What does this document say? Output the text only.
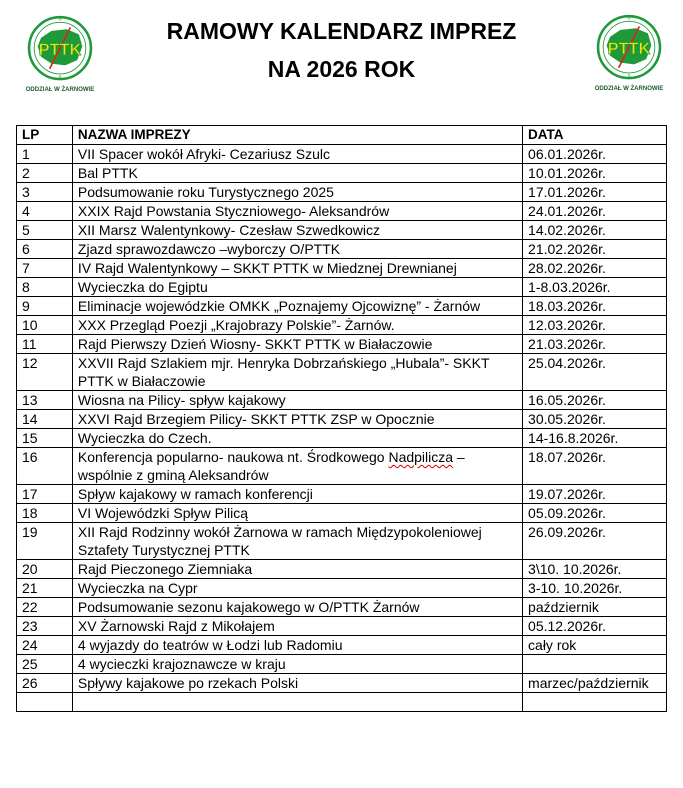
PTTK
N
S
ODDZIAŁ W ŻARNOWIE
RAMOWY KALENDARZ IMPREZ
NA 2026 ROK
PTTK
N
S
ODDZIAŁ W ŻARNOWIE
LP	NAZWA IMPREZY	DATA
1	VII Spacer wokół Afryki- Cezariusz Szulc	06.01.2026r.
2	Bal PTTK	10.01.2026r.
3	Podsumowanie roku Turystycznego 2025	17.01.2026r.
4	XXIX Rajd Powstania Styczniowego- Aleksandrów	24.01.2026r.
5	XII Marsz Walentynkowy- Czesław Szwedkowicz	14.02.2026r.
6	Zjazd sprawozdawczo –wyborczy O/PTTK	21.02.2026r.
7	IV Rajd Walentynkowy – SKKT PTTK w Miedznej Drewnianej	28.02.2026r.
8	Wycieczka do Egiptu	1-8.03.2026r.
9	Eliminacje wojewódzkie OMKK „Poznajemy Ojcowiznę” - Żarnów	18.03.2026r.
10	XXX Przegląd Poezji „Krajobrazy Polskie”- Żarnów.	12.03.2026r.
11	Rajd Pierwszy Dzień Wiosny- SKKT PTTK w Białaczowie	21.03.2026r.
12	XXVII Rajd Szlakiem mjr. Henryka Dobrzańskiego „Hubala”- SKKT PTTK w Białaczowie	25.04.2026r.
13	Wiosna na Pilicy- spływ kajakowy	16.05.2026r.
14	XXVI Rajd Brzegiem Pilicy- SKKT PTTK ZSP w Opocznie	30.05.2026r.
15	Wycieczka do Czech.	14-16.8.2026r.
16	Konferencja popularno- naukowa nt. Środkowego Nadpilicza – wspólnie z gminą Aleksandrów	18.07.2026r.
17	Spływ kajakowy w ramach konferencji	19.07.2026r.
18	VI Wojewódzki Spływ Pilicą	05.09.2026r.
19	XII Rajd Rodzinny wokół Żarnowa w ramach Międzypokoleniowej Sztafety Turystycznej PTTK	26.09.2026r.
20	Rajd Pieczonego Ziemniaka	3\10. 10.2026r.
21	Wycieczka na Cypr	3-10. 10.2026r.
22	Podsumowanie sezonu kajakowego w O/PTTK Żarnów	październik
23	XV Żarnowski Rajd z Mikołajem	05.12.2026r.
24	4 wyjazdy do teatrów w Łodzi lub Radomiu	cały rok
25	4 wycieczki krajoznawcze w kraju	
26	Spływy kajakowe po rzekach Polski	marzec/październik
